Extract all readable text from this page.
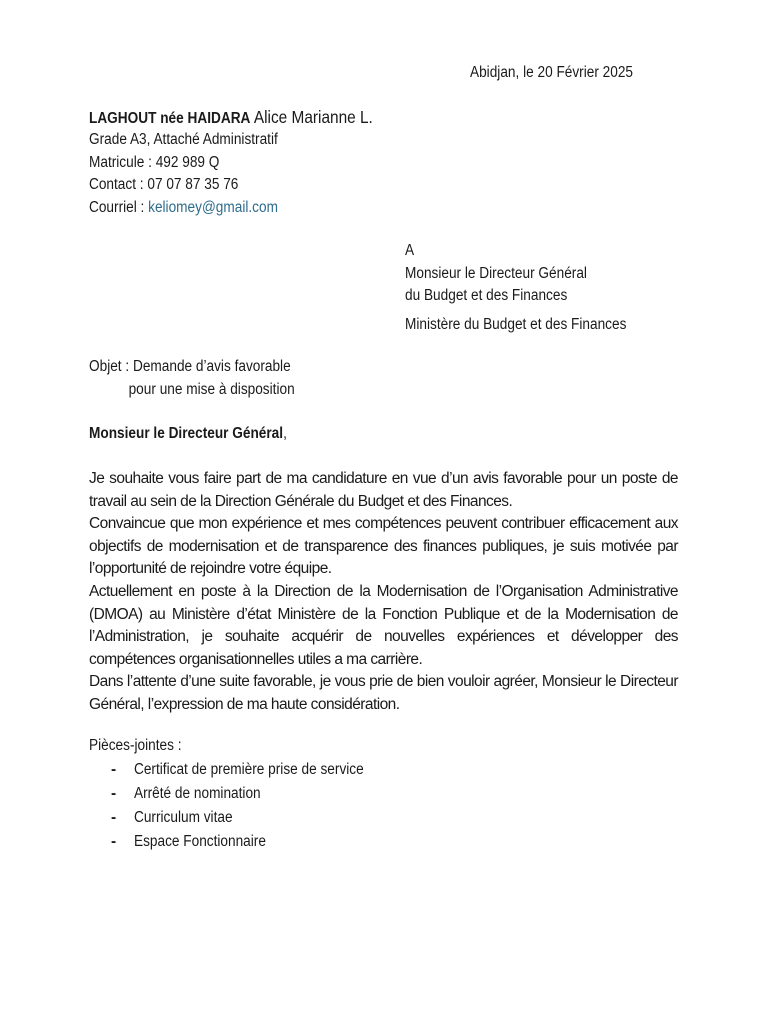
Abidjan, le 20 Février 2025
LAGHOUT née HAIDARA Alice Marianne L.
Grade A3, Attaché Administratif
Matricule : 492 989 Q
Contact : 07 07 87 35 76
Courriel : keliomey@gmail.com
A
Monsieur le Directeur Général
du Budget et des Finances
Ministère du Budget et des Finances
Objet : Demande d’avis favorable
pour une mise à disposition
Monsieur le Directeur Général,

Je souhaite vous faire part de ma candidature en vue d’un avis favorable pour un poste de travail au sein de la Direction Générale du Budget et des Finances.

Convaincue que mon expérience et mes compétences peuvent contribuer efficacement aux objectifs de modernisation et de transparence des finances publiques, je suis motivée par l’opportunité de rejoindre votre équipe.

Actuellement en poste à la Direction de la Modernisation de l’Organisation Administrative (DMOA) au Ministère d’état Ministère de la Fonction Publique et de la Modernisation de l’Administration, je souhaite acquérir de nouvelles expériences et développer des compétences organisationnelles utiles a ma carrière.

Dans l’attente d’une suite favorable, je vous prie de bien vouloir agréer, Monsieur le Directeur Général, l’expression de ma haute considération.

Pièces-jointes :
- Certificat de première prise de service
- Arrêté de nomination
- Curriculum vitae
- Espace Fonctionnaire
